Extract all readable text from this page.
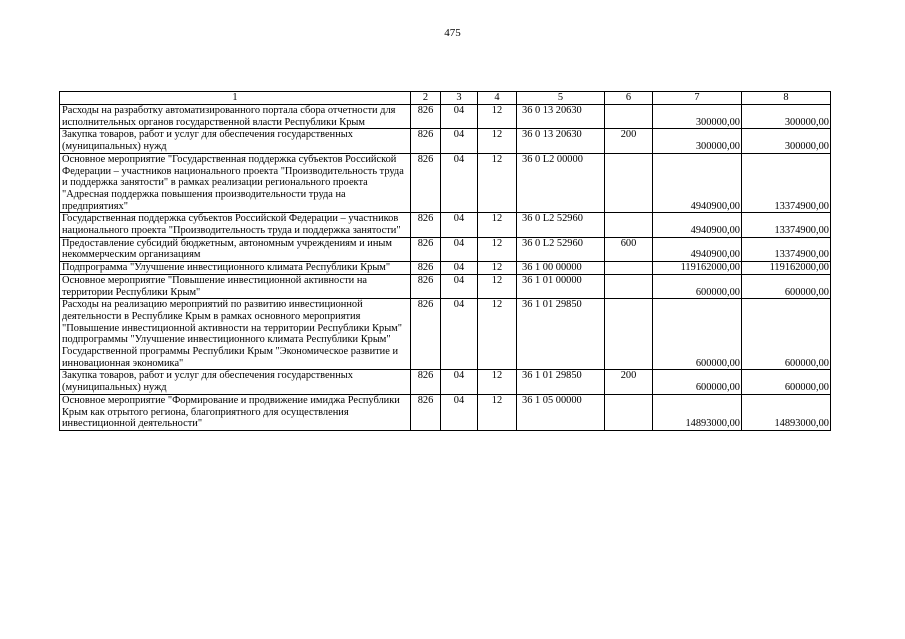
475
1	2	3	4	5	6	7	8
Расходы на разработку автоматизированного портала сбора отчетности для исполнительных органов государственной власти Республики Крым	826	04	12	36 0 13 20630		300000,00	300000,00
Закупка товаров, работ и услуг для обеспечения государственных (муниципальных) нужд	826	04	12	36 0 13 20630	200	300000,00	300000,00
Основное мероприятие "Государственная поддержка субъектов Российской Федерации – участников национального проекта "Производительность труда и поддержка занятости" в рамках реализации регионального проекта "Адресная поддержка повышения производительности труда на предприятиях"	826	04	12	36 0 L2 00000		4940900,00	13374900,00
Государственная поддержка субъектов Российской Федерации – участников национального проекта "Производительность труда и поддержка занятости"	826	04	12	36 0 L2 52960		4940900,00	13374900,00
Предоставление субсидий бюджетным, автономным учреждениям и иным некоммерческим организациям	826	04	12	36 0 L2 52960	600	4940900,00	13374900,00
Подпрограмма "Улучшение инвестиционного климата Республики Крым"	826	04	12	36 1 00 00000		119162000,00	119162000,00
Основное мероприятие "Повышение инвестиционной активности на территории Республики Крым"	826	04	12	36 1 01 00000		600000,00	600000,00
Расходы на реализацию мероприятий по развитию инвестиционной деятельности в Республике Крым в рамках основного мероприятия "Повышение инвестиционной активности на территории Республики Крым" подпрограммы "Улучшение инвестиционного климата Республики Крым" Государственной программы Республики Крым "Экономическое развитие и инновационная экономика"	826	04	12	36 1 01 29850		600000,00	600000,00
Закупка товаров, работ и услуг для обеспечения государственных (муниципальных) нужд	826	04	12	36 1 01 29850	200	600000,00	600000,00
Основное мероприятие "Формирование и продвижение имиджа Республики Крым как отрытого региона, благоприятного для осуществления инвестиционной деятельности"	826	04	12	36 1 05 00000		14893000,00	14893000,00
